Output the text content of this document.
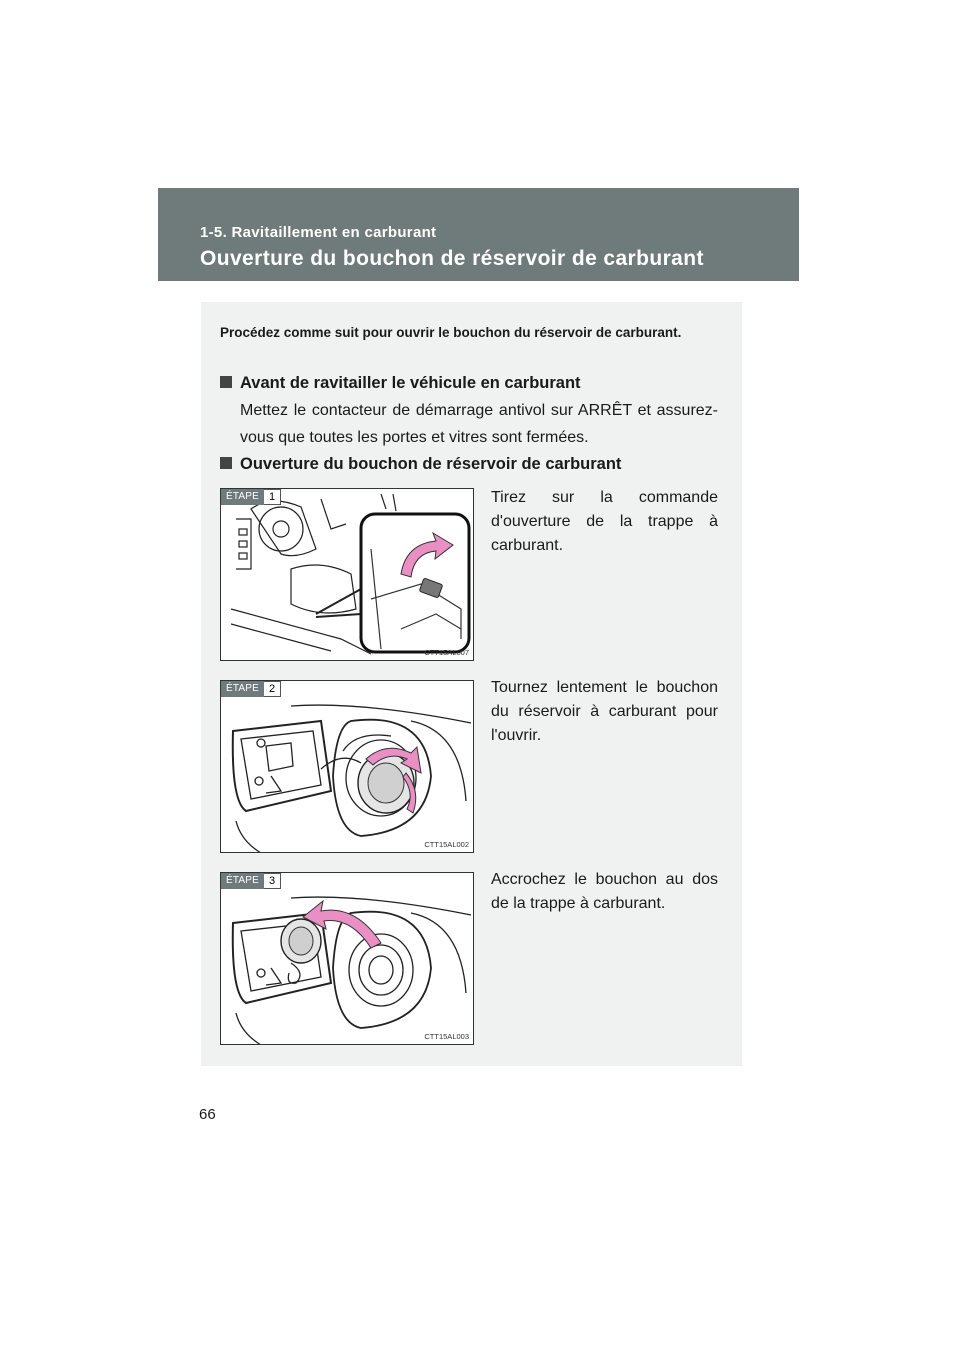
1-5. Ravitaillement en carburant
Ouverture du bouchon de réservoir de carburant
Procédez comme suit pour ouvrir le bouchon du réservoir de carburant.
Avant de ravitailler le véhicule en carburant
Mettez le contacteur de démarrage antivol sur ARRÊT et assurez-vous que toutes les portes et vitres sont fermées.
Ouverture du bouchon de réservoir de carburant
ÉTAPE 1
CTT15AL007
Tirez sur la commande d'ouverture de la trappe à carburant.
ÉTAPE 2
CTT15AL002
Tournez lentement le bouchon du réservoir à carburant pour l'ouvrir.
ÉTAPE 3
CTT15AL003
Accrochez le bouchon au dos de la trappe à carburant.
66
